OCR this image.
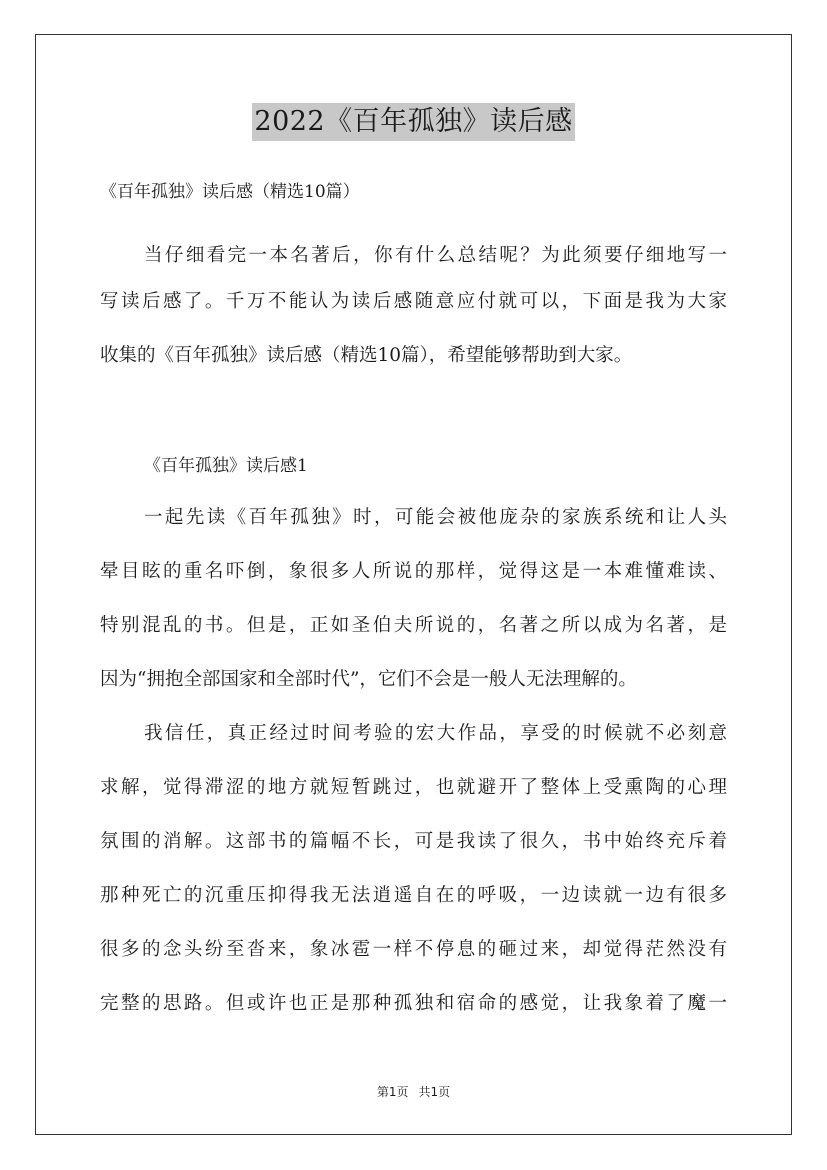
2022《百年孤独》读后感
《百年孤独》读后感（精选10篇）
当仔细看完一本名著后，你有什么总结呢？为此须要仔细地写一
写读后感了。千万不能认为读后感随意应付就可以，下面是我为大家
收集的《百年孤独》读后感（精选10篇），希望能够帮助到大家。
《百年孤独》读后感1
一起先读《百年孤独》时，可能会被他庞杂的家族系统和让人头
晕目眩的重名吓倒，象很多人所说的那样，觉得这是一本难懂难读、
特别混乱的书。但是，正如圣伯夫所说的，名著之所以成为名著，是
因为“拥抱全部国家和全部时代”，它们不会是一般人无法理解的。
我信任，真正经过时间考验的宏大作品，享受的时候就不必刻意
求解，觉得滞涩的地方就短暂跳过，也就避开了整体上受熏陶的心理
氛围的消解。这部书的篇幅不长，可是我读了很久，书中始终充斥着
那种死亡的沉重压抑得我无法逍遥自在的呼吸，一边读就一边有很多
很多的念头纷至沓来，象冰雹一样不停息的砸过来，却觉得茫然没有
完整的思路。但或许也正是那种孤独和宿命的感觉，让我象着了魔一
第1页 共1页
